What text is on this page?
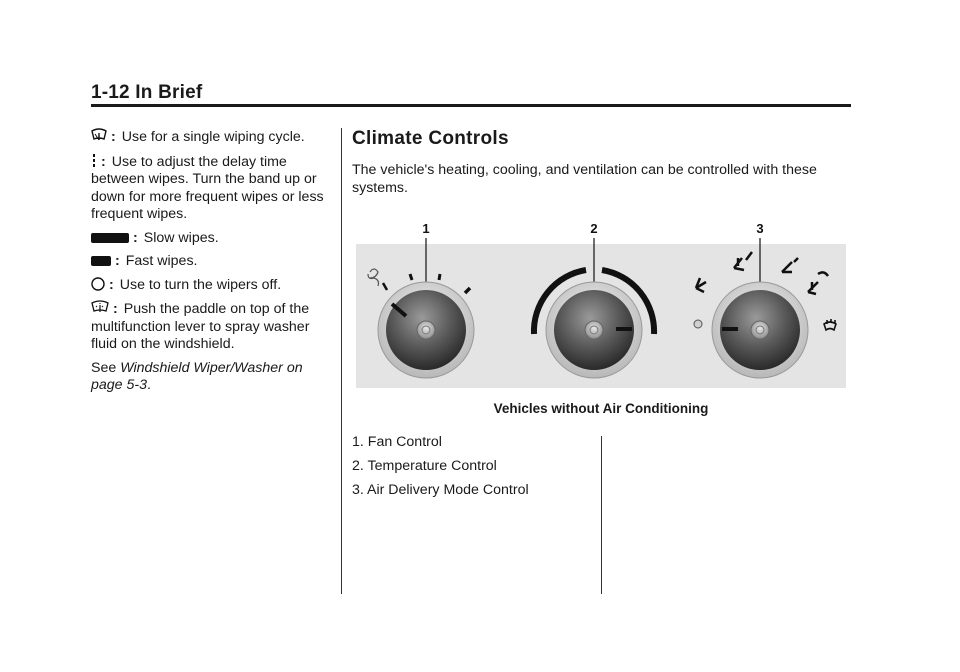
1-12 In Brief

: Use for a single wiping cycle.

: Use to adjust the delay time between wipes. Turn the band up or down for more frequent wipes or less frequent wipes.

: Slow wipes.

: Fast wipes.

: Use to turn the wipers off.

: Push the paddle on top of the multifunction lever to spray washer fluid on the windshield.

See Windshield Wiper/Washer on page 5-3.

Climate Controls

The vehicle's heating, cooling, and ventilation can be controlled with these systems.

1	2	3
Vehicles without Air Conditioning
1. Fan Control
2. Temperature Control
3. Air Delivery Mode Control
